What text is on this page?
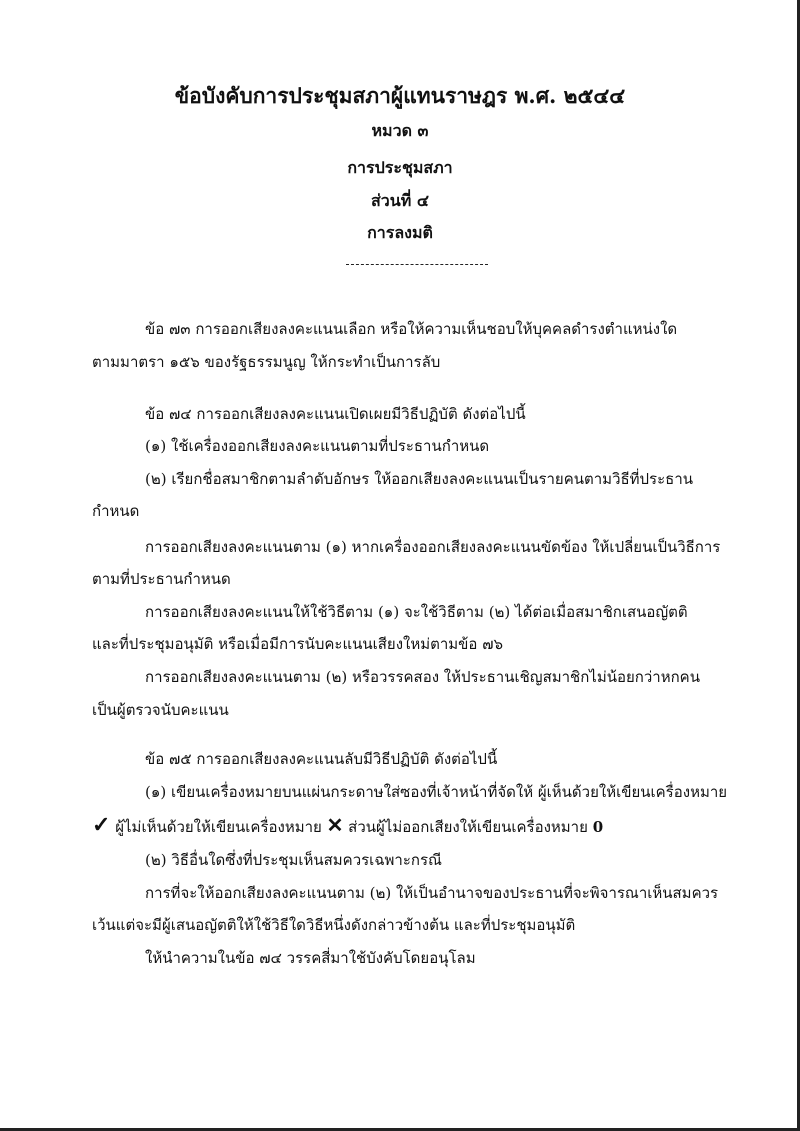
ข้อบังคับการประชุมสภาผู้แทนราษฎร พ.ศ. ๒๕๔๔
หมวด ๓
การประชุมสภา
ส่วนที่ ๔
การลงมติ
ข้อ ๗๓ การออกเสียงลงคะแนนเลือก หรือให้ความเห็นชอบให้บุคคลดำรงตำแหน่งใด
ตามมาตรา ๑๕๖ ของรัฐธรรมนูญ ให้กระทำเป็นการลับ
ข้อ ๗๔ การออกเสียงลงคะแนนเปิดเผยมีวิธีปฏิบัติ ดังต่อไปนี้
(๑) ใช้เครื่องออกเสียงลงคะแนนตามที่ประธานกำหนด
(๒) เรียกชื่อสมาชิกตามลำดับอักษร ให้ออกเสียงลงคะแนนเป็นรายคนตามวิธีที่ประธาน
กำหนด
การออกเสียงลงคะแนนตาม (๑) หากเครื่องออกเสียงลงคะแนนขัดข้อง ให้เปลี่ยนเป็นวิธีการ
ตามที่ประธานกำหนด
การออกเสียงลงคะแนนให้ใช้วิธีตาม (๑) จะใช้วิธีตาม (๒) ได้ต่อเมื่อสมาชิกเสนอญัตติ
และที่ประชุมอนุมัติ หรือเมื่อมีการนับคะแนนเสียงใหม่ตามข้อ ๗๖
การออกเสียงลงคะแนนตาม (๒) หรือวรรคสอง ให้ประธานเชิญสมาชิกไม่น้อยกว่าหกคน
เป็นผู้ตรวจนับคะแนน
ข้อ ๗๕ การออกเสียงลงคะแนนลับมีวิธีปฏิบัติ ดังต่อไปนี้
(๑) เขียนเครื่องหมายบนแผ่นกระดาษใส่ซองที่เจ้าหน้าที่จัดให้ ผู้เห็นด้วยให้เขียนเครื่องหมาย
✓ ผู้ไม่เห็นด้วยให้เขียนเครื่องหมาย ✕ ส่วนผู้ไม่ออกเสียงให้เขียนเครื่องหมาย 0
(๒) วิธีอื่นใดซึ่งที่ประชุมเห็นสมควรเฉพาะกรณี
การที่จะให้ออกเสียงลงคะแนนตาม (๒) ให้เป็นอำนาจของประธานที่จะพิจารณาเห็นสมควร
เว้นแต่จะมีผู้เสนอญัตติให้ใช้วิธีใดวิธีหนึ่งดังกล่าวข้างต้น และที่ประชุมอนุมัติ
ให้นำความในข้อ ๗๔ วรรคสี่มาใช้บังคับโดยอนุโลม
